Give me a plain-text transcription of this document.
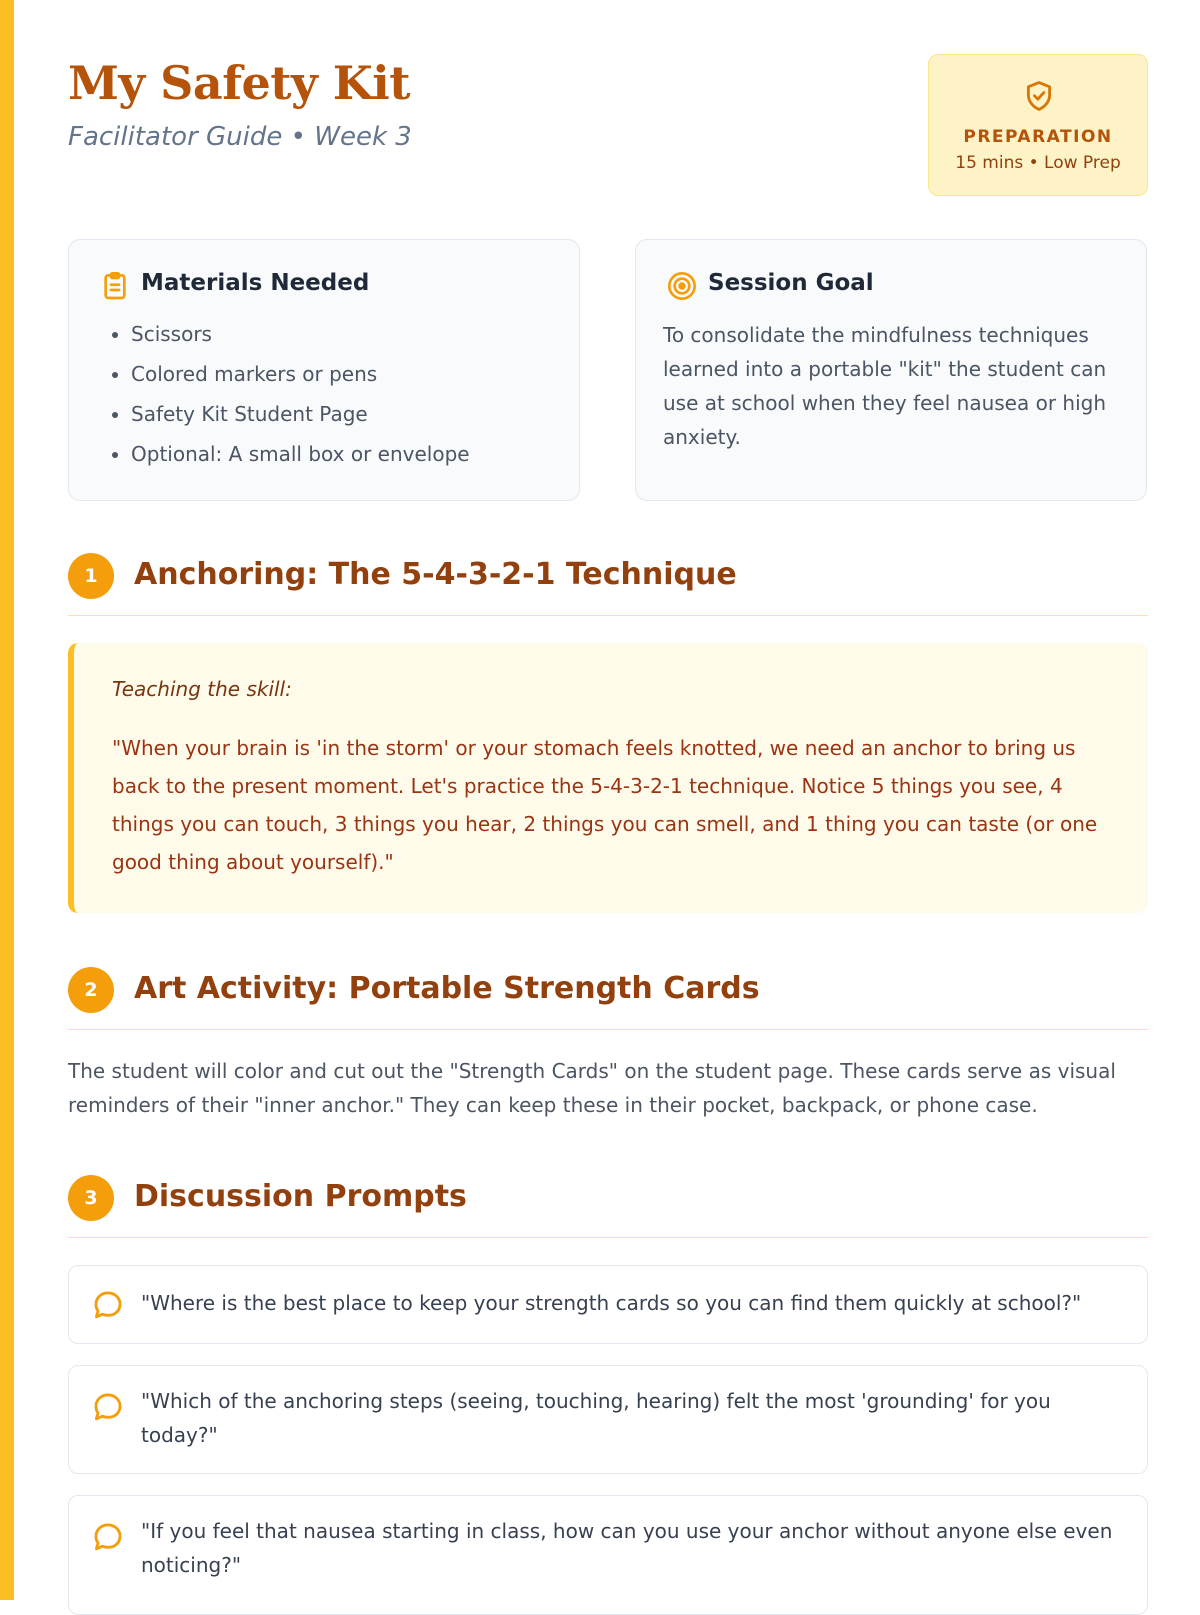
My Safety Kit

Facilitator Guide • Week 3	PREPARATION
15 mins • Low Prep
Materials Needed
• Scissors
• Colored markers or pens
• Safety Kit Student Page
• Optional: A small box or envelope
Session Goal

To consolidate the mindfulness techniques learned into a portable "kit" the student can use at school when they feel nausea or high anxiety.

1	Anchoring: The 5-4-3-2-1 Technique

Teaching the skill:

"When your brain is 'in the storm' or your stomach feels knotted, we need an anchor to bring us back to the present moment. Let's practice the 5-4-3-2-1 technique. Notice 5 things you see, 4 things you can touch, 3 things you hear, 2 things you can smell, and 1 thing you can taste (or one good thing about yourself)."

2	Art Activity: Portable Strength Cards

The student will color and cut out the "Strength Cards" on the student page. These cards serve as visual reminders of their "inner anchor." They can keep these in their pocket, backpack, or phone case.

3	Discussion Prompts

"Where is the best place to keep your strength cards so you can find them quickly at school?"

"Which of the anchoring steps (seeing, touching, hearing) felt the most 'grounding' for you today?"

"If you feel that nausea starting in class, how can you use your anchor without anyone else even noticing?"
